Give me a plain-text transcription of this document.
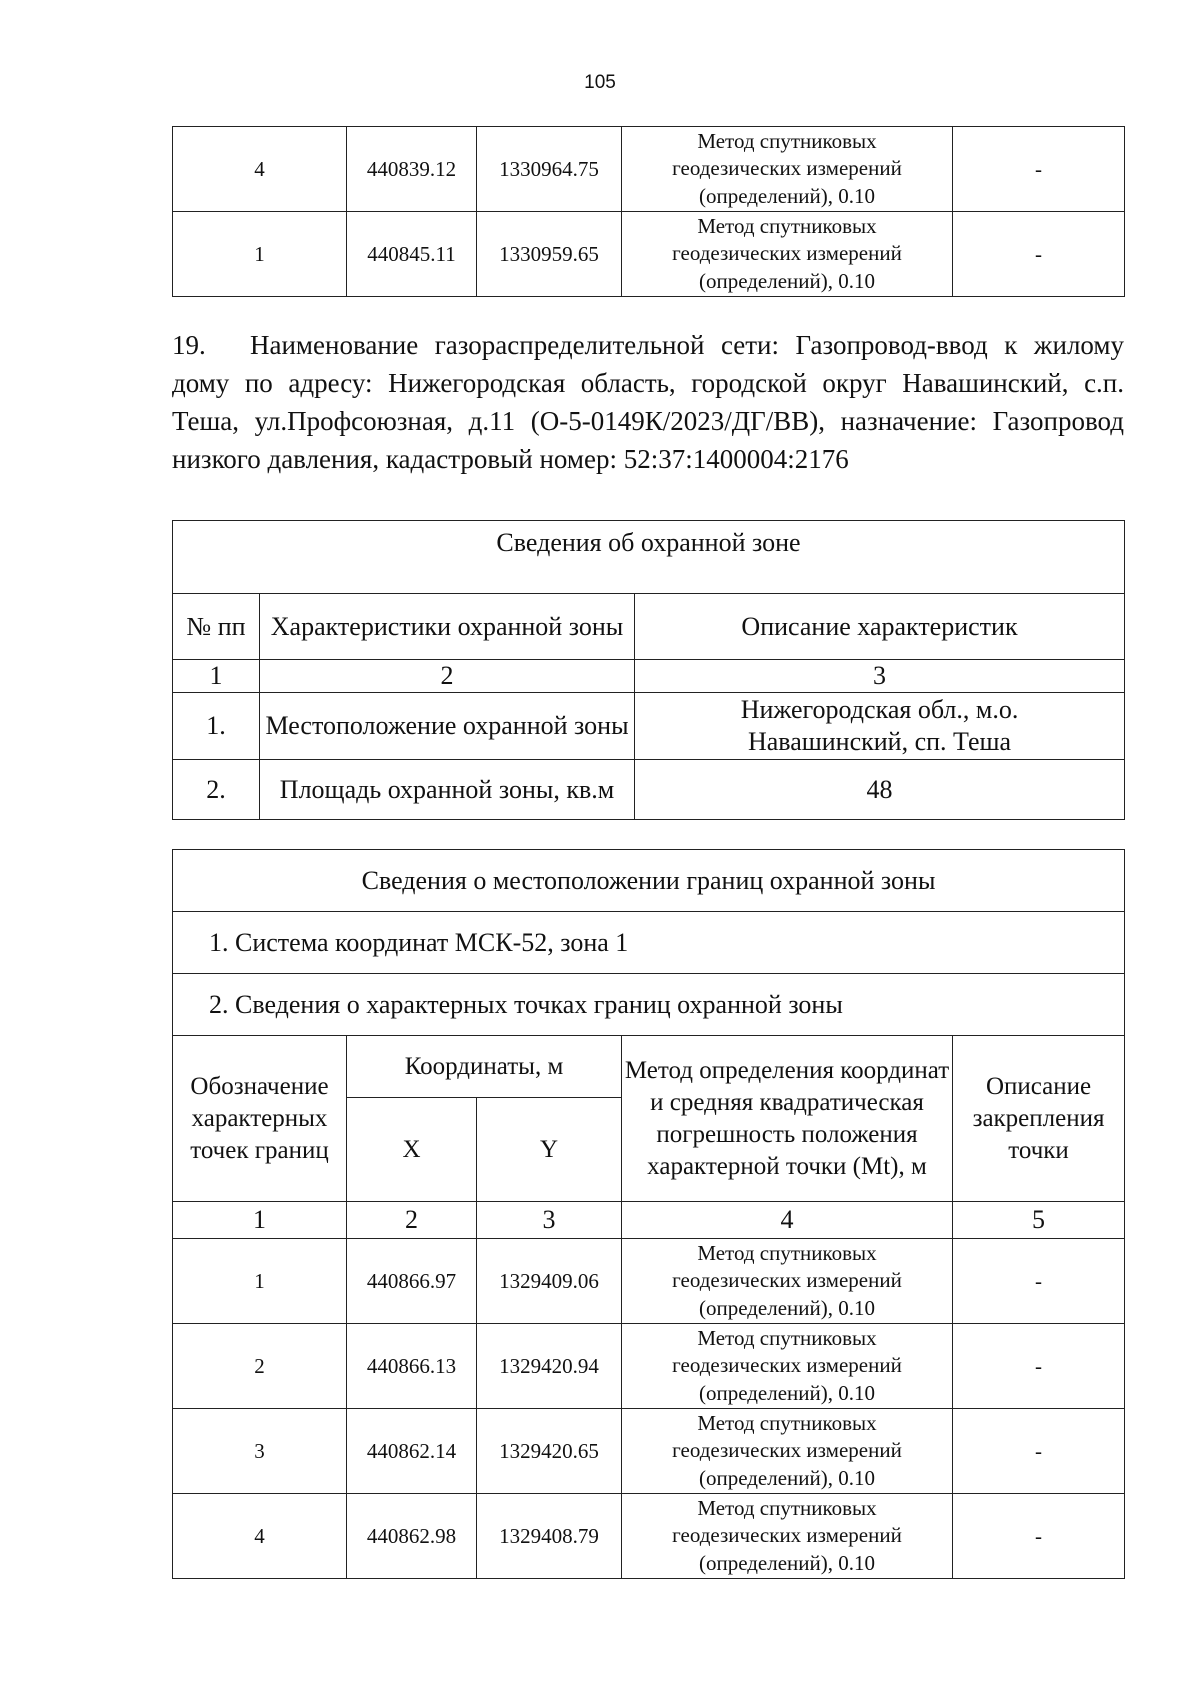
105
4	440839.12	1330964.75	Метод спутниковых
геодезических измерений
(определений), 0.10	-
1	440845.11	1330959.65	Метод спутниковых
геодезических измерений
(определений), 0.10	-

19. Наименование газораспределительной сети: Газопровод-ввод к жилому дому по адресу: Нижегородская область, городской округ Навашинский, с.п. Теша, ул.Профсоюзная, д.11 (О-5-0149К/2023/ДГ/ВВ), назначение: Газопровод низкого давления, кадастровый номер: 52:37:1400004:2176

Сведения об охранной зоне		
№ пп	Характеристики охранной зоны	Описание характеристик
1	2	3
1.	Местоположение охранной зоны	Нижегородская обл., м.о.
Навашинский, сп. Теша

2.	Площадь охранной зоны, кв.м	48
Сведения о местоположении границ охранной зоны				
1. Система координат МСК-52, зона 1				
2. Сведения о характерных точках границ охранной зоны				
Обозначение характерных точек границ	Координаты, м		Метод определения координат и средняя квадратическая погрешность положения характерной точки (Mt), м	Описание закрепления точки
	X	Y		
1	2	3	4	5
1	440866.97	1329409.06	Метод спутниковых
геодезических измерений
(определений), 0.10	-
2	440866.13	1329420.94	Метод спутниковых
геодезических измерений
(определений), 0.10	-
3	440862.14	1329420.65	Метод спутниковых
геодезических измерений
(определений), 0.10	-
4	440862.98	1329408.79	Метод спутниковых
геодезических измерений
(определений), 0.10	-
